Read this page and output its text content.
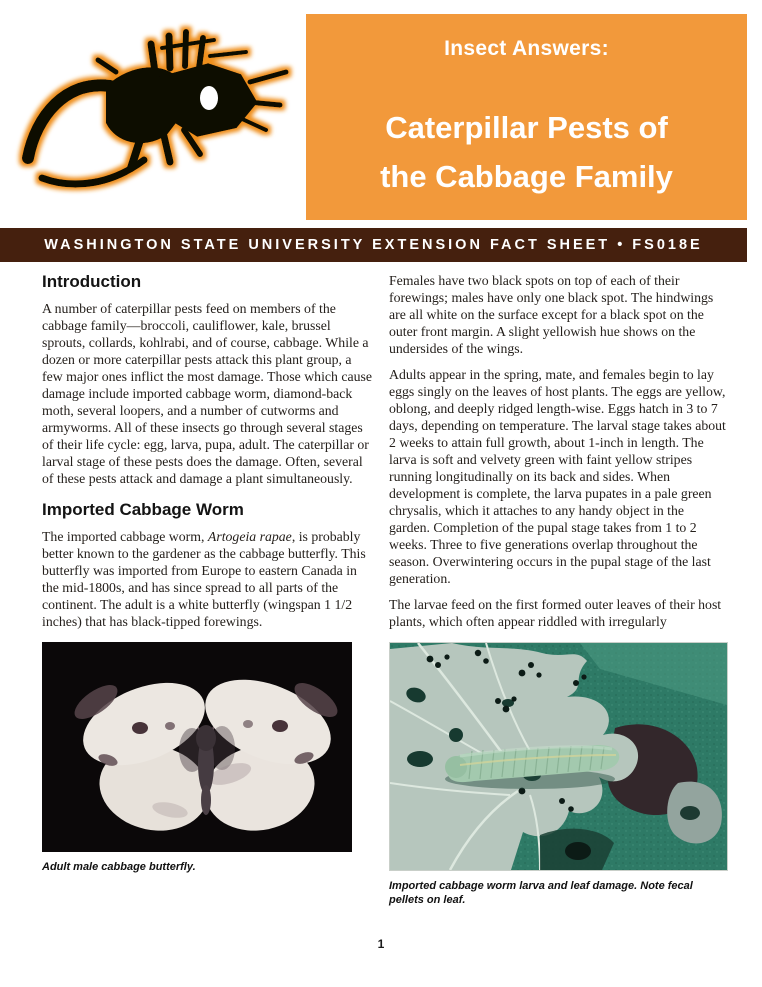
Insect Answers:
Caterpillar Pests of
the Cabbage Family
WASHINGTON STATE UNIVERSITY EXTENSION FACT SHEET • FS018E
Introduction

A number of caterpillar pests feed on members of the cabbage family—broccoli, cauliflower, kale, brussel sprouts, collards, kohlrabi, and of course, cabbage. While a dozen or more caterpillar pests attack this plant group, a few major ones inflict the most damage. Those which cause damage include imported cabbage worm, diamond-back moth, several loopers, and a number of cutworms and armyworms. All of these insects go through several stages of their life cycle: egg, larva, pupa, adult. The caterpillar or larval stage of these pests does the damage. Often, several of these pests attack and damage a plant simultaneously.

Imported Cabbage Worm

The imported cabbage worm, Artogeia rapae, is probably better known to the gardener as the cabbage butterfly. This butterfly was imported from Europe to eastern Canada in the mid-1800s, and has since spread to all parts of the continent. The adult is a white butterfly (wingspan 1 1/2 inches) that has black-tipped forewings.

Adult male cabbage butterfly.

Females have two black spots on top of each of their forewings; males have only one black spot. The hindwings are all white on the surface except for a black spot on the outer front margin. A slight yellowish hue shows on the undersides of the wings.

Adults appear in the spring, mate, and females begin to lay eggs singly on the leaves of host plants. The eggs are yellow, oblong, and deeply ridged length-wise. Eggs hatch in 3 to 7 days, depending on temperature. The larval stage takes about 2 weeks to attain full growth, about 1-inch in length. The larva is soft and velvety green with faint yellow stripes running longitudinally on its back and sides. When development is complete, the larva pupates in a pale green chrysalis, which it attaches to any handy object in the garden. Completion of the pupal stage takes from 1 to 2 weeks. Three to five generations overlap throughout the season. Overwintering occurs in the pupal stage of the last generation.

The larvae feed on the first formed outer leaves of their host plants, which often appear riddled with irregularly

Imported cabbage worm larva and leaf damage. Note fecal pellets on leaf.
1
